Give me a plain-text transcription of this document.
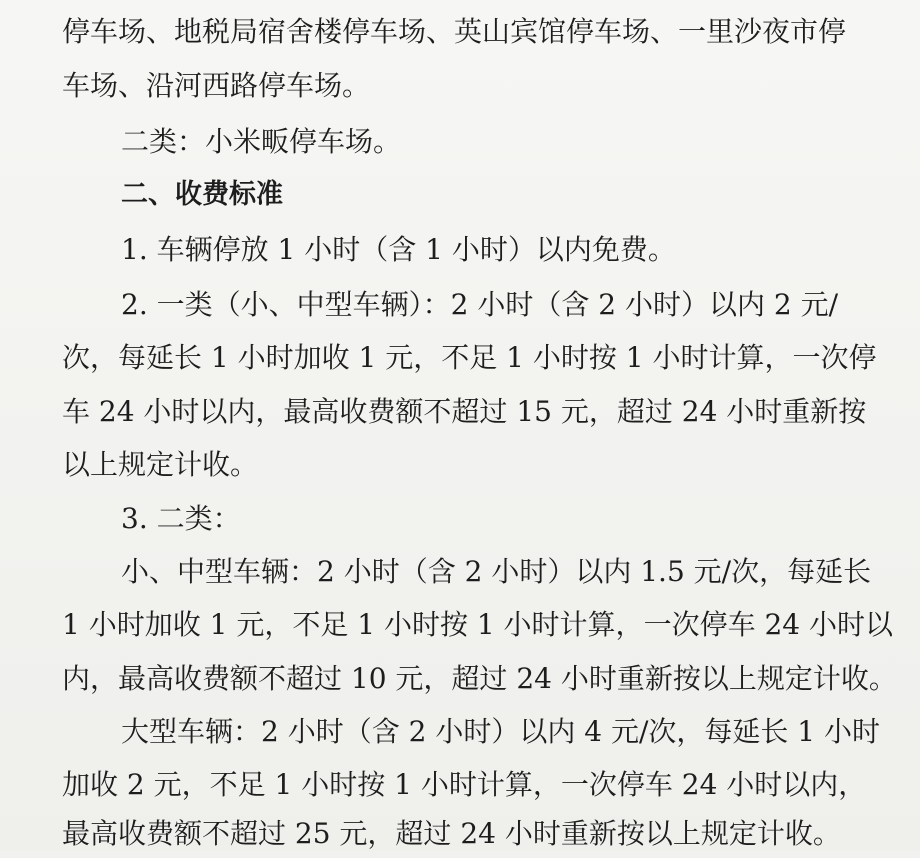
停车场、地税局宿舍楼停车场、英山宾馆停车场、一里沙夜市停
车场、沿河西路停车场。
二类：小米畈停车场。
二、收费标准
1. 车辆停放 1 小时（含 1 小时）以内免费。
2. 一类（小、中型车辆）：2 小时（含 2 小时）以内 2 元/
次，每延长 1 小时加收 1 元，不足 1 小时按 1 小时计算，一次停
车 24 小时以内，最高收费额不超过 15 元，超过 24 小时重新按
以上规定计收。
3. 二类：
小、中型车辆：2 小时（含 2 小时）以内 1.5 元/次，每延长
1 小时加收 1 元，不足 1 小时按 1 小时计算，一次停车 24 小时以
内，最高收费额不超过 10 元，超过 24 小时重新按以上规定计收。
大型车辆：2 小时（含 2 小时）以内 4 元/次，每延长 1 小时
加收 2 元，不足 1 小时按 1 小时计算，一次停车 24 小时以内，
最高收费额不超过 25 元，超过 24 小时重新按以上规定计收。
